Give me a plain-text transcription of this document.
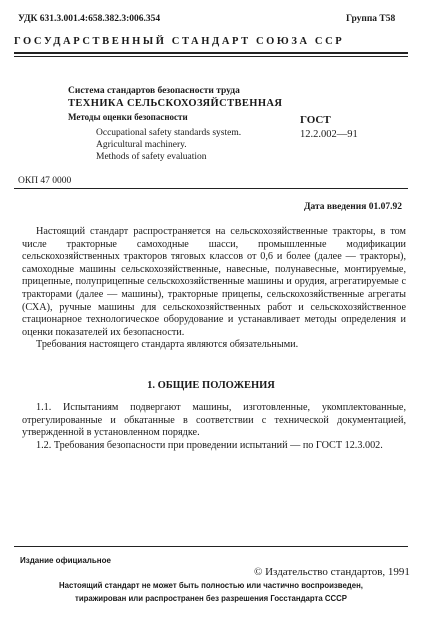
УДК 631.3.001.4:658.382.3:006.354	Группа Т58
ГОСУДАРСТВЕННЫЙ СТАНДАРТ СОЮЗА ССР
Система стандартов безопасности труда
ТЕХНИКА СЕЛЬСКОХОЗЯЙСТВЕННАЯ
Методы оценки безопасности	ГОСТ
12.2.002—91
Occupational safety standards system.
Agricultural machinery.
Methods of safety evaluation
ОКП 47 0000
Дата введения 01.07.92

Настоящий стандарт распространяется на сельскохозяйственные тракторы, в том числе тракторные самоходные шасси, промышленные модификации сельскохозяйственных тракторов тяговых классов от 0,6 и более (далее — тракторы), самоходные машины сельскохозяйственные, навесные, полунавесные, монтируемые, прицепные, полуприцепные сельскохозяйственные машины и орудия, агрегатируемые с тракторами (далее — машины), тракторные прицепы, сельскохозяйственные агрегаты (СХА), ручные машины для сельскохозяйственных работ и сельскохозяйственное стационарное технологическое оборудование и устанавливает методы определения и оценки показателей их безопасности.

Требования настоящего стандарта являются обязательными.

1. ОБЩИЕ ПОЛОЖЕНИЯ

1.1. Испытаниям подвергают машины, изготовленные, укомплектованные, отрегулированные и обкатанные в соответствии с технической документацией, утвержденной в установленном порядке.

1.2. Требования безопасности при проведении испытаний — по ГОСТ 12.3.002.

Издание официальное
© Издательство стандартов, 1991
Настоящий стандарт не может быть полностью или частично воспроизведен,
тиражирован или распространен без разрешения Госстандарта СССР
